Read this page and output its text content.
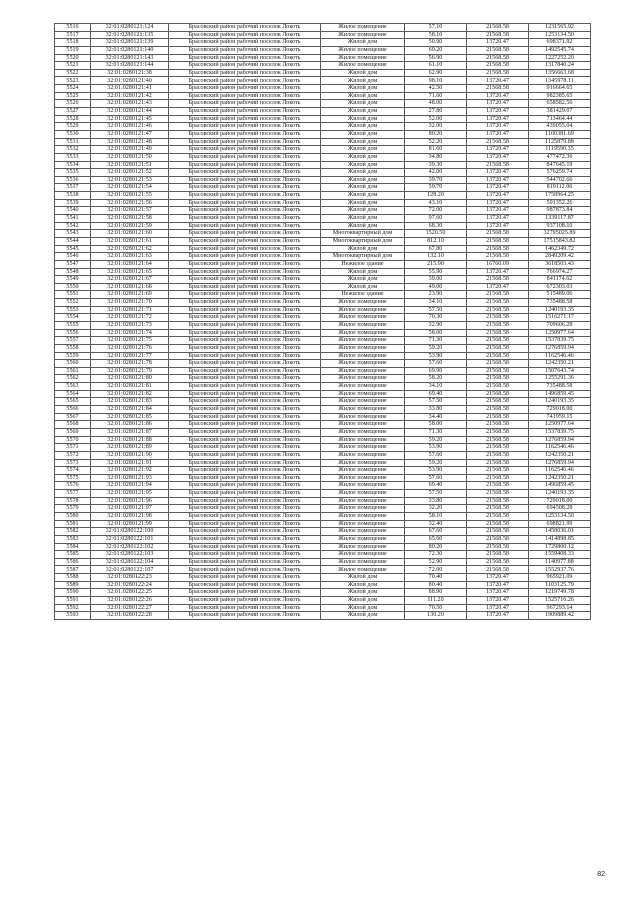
5516	32:01:0280121:124	Брасовский район рабочий поселок Локоть	Жилое помещение	57.10	21568.58	1231565.92
5517	32:01:0280121:135	Брасовский район рабочий поселок Локоть	Жилое помещение	58.10	21568.58	1253134.50
5518	32:01:0280121:139	Брасовский район рабочий поселок Локоть	Жилой дом	50.90	13720.47	698371.92
5519	32:01:0280121:140	Брасовский район рабочий поселок Локоть	Жилое помещение	69.20	21568.58	1492545.74
5520	32:01:0280121:143	Брасовский район рабочий поселок Локоть	Жилое помещение	56.90	21568.58	1227252.20
5521	32:01:0280121:144	Брасовский район рабочий поселок Локоть	Жилое помещение	61.10	21568.58	1317840.24
5522	32:01:0280121:38	Брасовский район рабочий поселок Локоть	Жилой дом	62.90	21568.58	1356663.68
5523	32:01:0280121:40	Брасовский район рабочий поселок Локоть	Жилой дом	98.10	13720.47	1345978.11
5524	32:01:0280121:41	Брасовский район рабочий поселок Локоть	Жилой дом	42.50	21568.58	916664.65
5525	32:01:0280121:42	Брасовский район рабочий поселок Локоть	Жилой дом	71.60	13720.47	982385.65
5526	32:01:0280121:43	Брасовский район рабочий поселок Локоть	Жилой дом	48.00	13720.47	658582.56
5527	32:01:0280121:44	Брасовский район рабочий поселок Локоть	Жилой дом	27.80	13720.47	381429.07
5528	32:01:0280121:45	Брасовский район рабочий поселок Локоть	Жилой дом	52.00	13720.47	713464.44
5529	32:01:0280121:46	Брасовский район рабочий поселок Локоть	Жилой дом	32.00	13720.47	439055.04
5530	32:01:0280121:47	Брасовский район рабочий поселок Локоть	Жилой дом	80.20	13720.47	1100381.69
5531	32:01:0280121:48	Брасовский район рабочий поселок Локоть	Жилой дом	52.20	21568.58	1125879.88
5532	32:01:0280121:49	Брасовский район рабочий поселок Локоть	Жилой дом	81.60	13720.47	1119590.35
5533	32:01:0280121:50	Брасовский район рабочий поселок Локоть	Жилой дом	34.80	13720.47	477472.36
5534	32:01:0280121:51	Брасовский район рабочий поселок Локоть	Жилой дом	39.30	21568.58	847645.19
5535	32:01:0280121:52	Брасовский район рабочий поселок Локоть	Жилой дом	42.00	13720.47	576259.74
5536	32:01:0280121:53	Брасовский район рабочий поселок Локоть	Жилой дом	39.70	13720.47	544702.66
5537	32:01:0280121:54	Брасовский район рабочий поселок Локоть	Жилой дом	59.70	13720.47	819112.06
5538	32:01:0280121:55	Брасовский район рабочий поселок Локоть	Жилой дом	128.20	13720.47	1758964.25
5539	32:01:0280121:56	Брасовский район рабочий поселок Локоть	Жилой дом	43.10	13720.47	591352.26
5540	32:01:0280121:57	Брасовский район рабочий поселок Локоть	Жилой дом	72.00	13720.47	987873.84
5541	32:01:0280121:58	Брасовский район рабочий поселок Локоть	Жилой дом	97.60	13720.47	1339117.87
5542	32:01:0280121:59	Брасовский район рабочий поселок Локоть	Жилой дом	68.30	13720.47	937108.10
5543	32:01:0280121:60	Брасовский район рабочий поселок Локоть	Многоквартирный дом	1520.50	21568.58	32795025.89
5544	32:01:0280121:61	Брасовский район рабочий поселок Локоть	Многоквартирный дом	812.10	21568.58	17515843.82
5545	32:01:0280121:62	Брасовский район рабочий поселок Локоть	Жилой дом	67.80	21568.58	1462349.72
5546	32:01:0280121:63	Брасовский район рабочий поселок Локоть	Многоквартирный дом	132.10	21568.58	2849209.42
5547	32:01:0280121:64	Брасовский район рабочий поселок Локоть	Нежилое здание	215.90	16760.09	3618503.43
5548	32:01:0280121:65	Брасовский район рабочий поселок Локоть	Жилой дом	55.90	13720.47	766974.27
5549	32:01:0280121:67	Брасовский район рабочий поселок Локоть	Жилой дом	39.00	21568.58	841174.62
5550	32:01:0280121:68	Брасовский район рабочий поселок Локоть	Жилой дом	49.00	13720.47	672303.03
5551	32:01:0280121:69	Брасовский район рабочий поселок Локоть	Нежилое здание	23.90	21568.58	515489.06
5552	32:01:0280121:70	Брасовский район рабочий поселок Локоть	Жилое помещение	34.10	21568.58	735488.58
5553	32:01:0280121:71	Брасовский район рабочий поселок Локоть	Жилое помещение	57.50	21568.58	1240193.35
5554	32:01:0280121:72	Брасовский район рабочий поселок Локоть	Жилое помещение	70.30	21568.58	1516271.17
5555	32:01:0280121:73	Брасовский район рабочий поселок Локоть	Жилое помещение	32.90	21568.58	709606.28
5556	32:01:0280121:74	Брасовский район рабочий поселок Локоть	Жилое помещение	58.00	21568.58	1250977.64
5557	32:01:0280121:75	Брасовский район рабочий поселок Локоть	Жилое помещение	71.30	21568.58	1537839.75
5558	32:01:0280121:76	Брасовский район рабочий поселок Локоть	Жилое помещение	59.20	21568.58	1276859.94
5559	32:01:0280121:77	Брасовский район рабочий поселок Локоть	Жилое помещение	53.90	21568.58	1162546.46
5560	32:01:0280121:78	Брасовский район рабочий поселок Локоть	Жилое помещение	57.60	21568.58	1242350.21
5561	32:01:0280121:79	Брасовский район рабочий поселок Локоть	Жилое помещение	69.90	21568.58	1507643.74
5562	32:01:0280121:80	Брасовский район рабочий поселок Локоть	Жилое помещение	58.20	21568.58	1255291.36
5563	32:01:0280121:81	Брасовский район рабочий поселок Локоть	Жилое помещение	34.10	21568.58	735488.58
5564	32:01:0280121:82	Брасовский район рабочий поселок Локоть	Жилое помещение	69.40	21568.58	1496859.45
5565	32:01:0280121:83	Брасовский район рабочий поселок Локоть	Жилое помещение	57.50	21568.58	1240193.35
5566	32:01:0280121:84	Брасовский район рабочий поселок Локоть	Жилое помещение	33.80	21568.58	729018.00
5567	32:01:0280121:85	Брасовский район рабочий поселок Локоть	Жилое помещение	34.40	21568.58	741959.15
5568	32:01:0280121:86	Брасовский район рабочий поселок Локоть	Жилое помещение	58.00	21568.58	1250977.64
5569	32:01:0280121:87	Брасовский район рабочий поселок Локоть	Жилое помещение	71.30	21568.58	1537839.75
5570	32:01:0280121:88	Брасовский район рабочий поселок Локоть	Жилое помещение	59.20	21568.58	1276859.94
5571	32:01:0280121:89	Брасовский район рабочий поселок Локоть	Жилое помещение	53.90	21568.58	1162546.46
5572	32:01:0280121:90	Брасовский район рабочий поселок Локоть	Жилое помещение	57.60	21568.58	1242350.21
5573	32:01:0280121:91	Брасовский район рабочий поселок Локоть	Жилое помещение	59.20	21568.58	1276859.94
5574	32:01:0280121:92	Брасовский район рабочий поселок Локоть	Жилое помещение	53.90	21568.58	1162546.46
5575	32:01:0280121:93	Брасовский район рабочий поселок Локоть	Жилое помещение	57.60	21568.58	1242350.21
5576	32:01:0280121:94	Брасовский район рабочий поселок Локоть	Жилое помещение	69.40	21568.58	1496859.45
5577	32:01:0280121:95	Брасовский район рабочий поселок Локоть	Жилое помещение	57.50	21568.58	1240193.35
5578	32:01:0280121:96	Брасовский район рабочий поселок Локоть	Жилое помещение	33.80	21568.58	729018.00
5579	32:01:0280121:97	Брасовский район рабочий поселок Локоть	Жилое помещение	32.20	21568.58	694508.28
5580	32:01:0280121:98	Брасовский район рабочий поселок Локоть	Жилое помещение	58.10	21568.58	1253134.50
5581	32:01:0280121:99	Брасовский район рабочий поселок Локоть	Жилое помещение	32.40	21568.58	698821.99
5582	32:01:0280122:100	Брасовский район рабочий поселок Локоть	Жилое помещение	67.60	21568.58	1458036.01
5583	32:01:0280122:101	Брасовский район рабочий поселок Локоть	Жилое помещение	65.60	21568.58	1414898.85
5584	32:01:0280122:102	Брасовский район рабочий поселок Локоть	Жилое помещение	80.20	21568.58	1729800.12
5585	32:01:0280122:103	Брасовский район рабочий поселок Локоть	Жилое помещение	72.30	21568.58	1559408.33
5586	32:01:0280122:104	Брасовский район рабочий поселок Локоть	Жилое помещение	52.90	21568.58	1140977.88
5587	32:01:0280122:107	Брасовский район рабочий поселок Локоть	Жилое помещение	72.00	21568.58	1552937.76
5588	32:01:0280122:23	Брасовский район рабочий поселок Локоть	Жилой дом	70.40	13720.47	965921.09
5589	32:01:0280122:24	Брасовский район рабочий поселок Локоть	Жилой дом	80.40	13720.47	1103125.79
5590	32:01:0280122:25	Брасовский район рабочий поселок Локоть	Жилой дом	88.90	13720.47	1219749.78
5591	32:01:0280122:26	Брасовский район рабочий поселок Локоть	Жилой дом	111.20	13720.47	1525716.26
5592	32:01:0280122:27	Брасовский район рабочий поселок Локоть	Жилой дом	70.50	13720.47	967293.14
5593	32:01:0280122:28	Брасовский район рабочий поселок Локоть	Жилой дом	130.20	13720.47	1909889.42
82
